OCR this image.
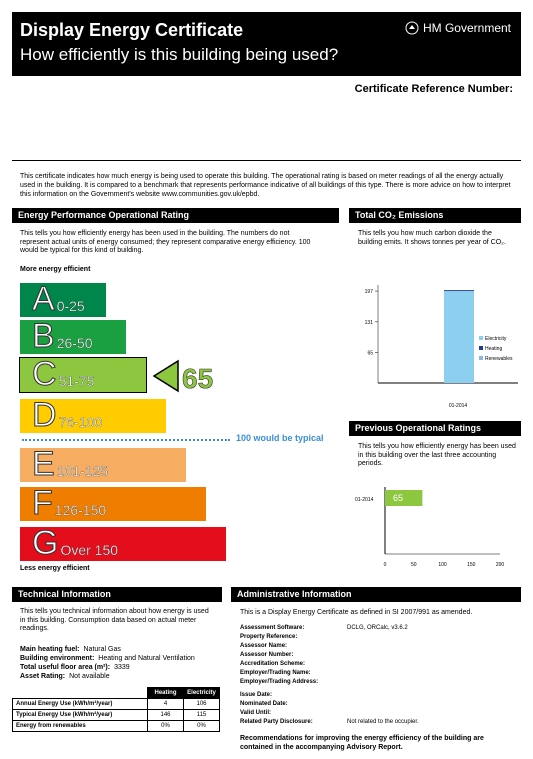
Display Energy Certificate
How efficiently is this building being used?
HM Government
Certificate Reference Number:
This certificate indicates how much energy is being used to operate this building. The operational rating is based on meter readings of all the energy actually used in the building. It is compared to a benchmark that represents performance indicative of all buildings of this type. There is more advice on how to interpret this information on the Government's website www.communities.gov.uk/epbd.
Energy Performance Operational Rating
This tells you how efficiently energy has been used in the building. The numbers do not represent actual units of energy consumed; they represent comparative energy efficiency. 100 would be typical for this kind of building.
More energy efficient
A 0-25
B 26-50
C 51-75
D 76-100
E 101-125
F 126-150
G Over 150
100 would be typical
65
Less energy efficient
Total CO₂ Emissions
This tells you how much carbon dioxide the building emits. It shows tonnes per year of CO₂.
65
131
197
01-2014
Electricity
Heating
Renewables
Previous Operational Ratings
This tells you how efficiently energy has been used in this building over the last three accounting periods.
01-2014 65
0	50	100	150	200
Technical Information
This tells you technical information about how energy is used in this building. Consumption data based on actual meter readings.
Main heating fuel: Natural Gas
Building environment: Heating and Natural Ventilation
Total useful floor area (m²): 3339
Asset Rating: Not available
	Heating	Electricity
Annual Energy Use (kWh/m²/year)	4	106
Typical Energy Use (kWh/m²/year)	146	115
Energy from renewables	0%	0%
Administrative Information
This is a Display Energy Certificate as defined in SI 2007/991 as amended.
Assessment Software:	DCLG, ORCalc, v3.6.2
Property Reference:
Assessor Name:
Assessor Number:
Accreditation Scheme:
Employer/Trading Name:
Employer/Trading Address:
Issue Date:
Nominated Date:
Valid Until:
Related Party Disclosure:	Not related to the occupier.
Recommendations for improving the energy efficiency of the building are contained in the accompanying Advisory Report.
